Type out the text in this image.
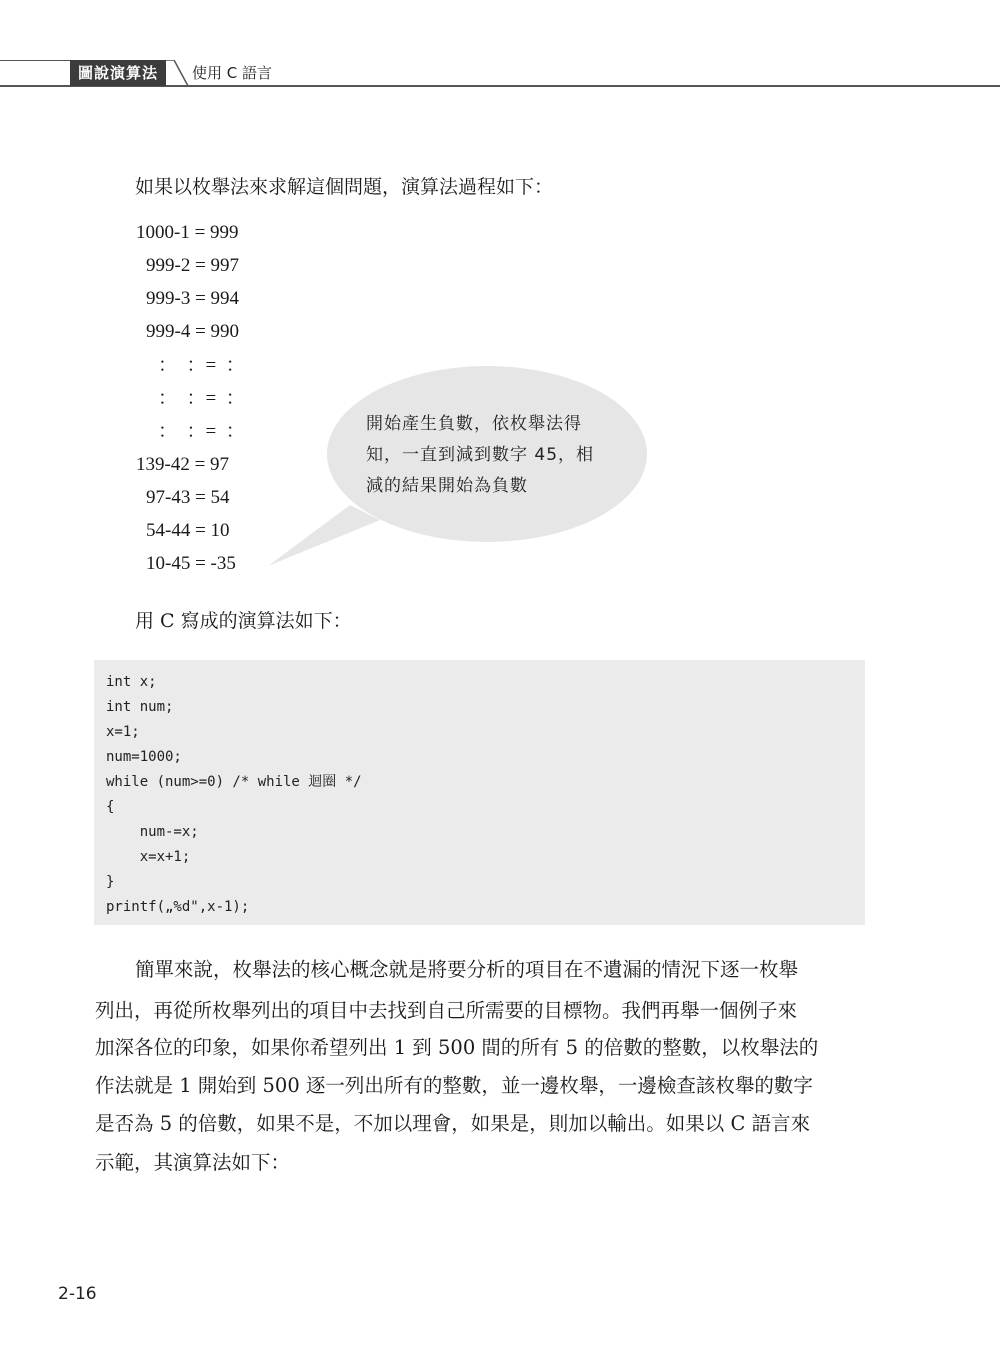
圖說演算法	使用 C 語言
如果以枚舉法來求解這個問題，演算法過程如下：
1000-1 = 999
999-2 = 997
999-3 = 994
999-4 = 990
：  ：=  ：
：  ：=  ：
：  ：=  ：
139-42 = 97
97-43 = 54
54-44 = 10
10-45 = -35
開始產生負數，依枚舉法得
知，一直到減到數字 45，相
減的結果開始為負數
用 C 寫成的演算法如下：
int x;
int num;
x=1;
num=1000;
while (num>=0) /* while 迴圈 */
{
num-=x;
x=x+1;
}
printf(„%d",x-1);
簡單來說，枚舉法的核心概念就是將要分析的項目在不遺漏的情況下逐一枚舉
列出，再從所枚舉列出的項目中去找到自己所需要的目標物。我們再舉一個例子來
加深各位的印象，如果你希望列出 1 到 500 間的所有 5 的倍數的整數，以枚舉法的
作法就是 1 開始到 500 逐一列出所有的整數，並一邊枚舉，一邊檢查該枚舉的數字
是否為 5 的倍數，如果不是，不加以理會，如果是，則加以輸出。如果以 C 語言來
示範，其演算法如下：
2-16
